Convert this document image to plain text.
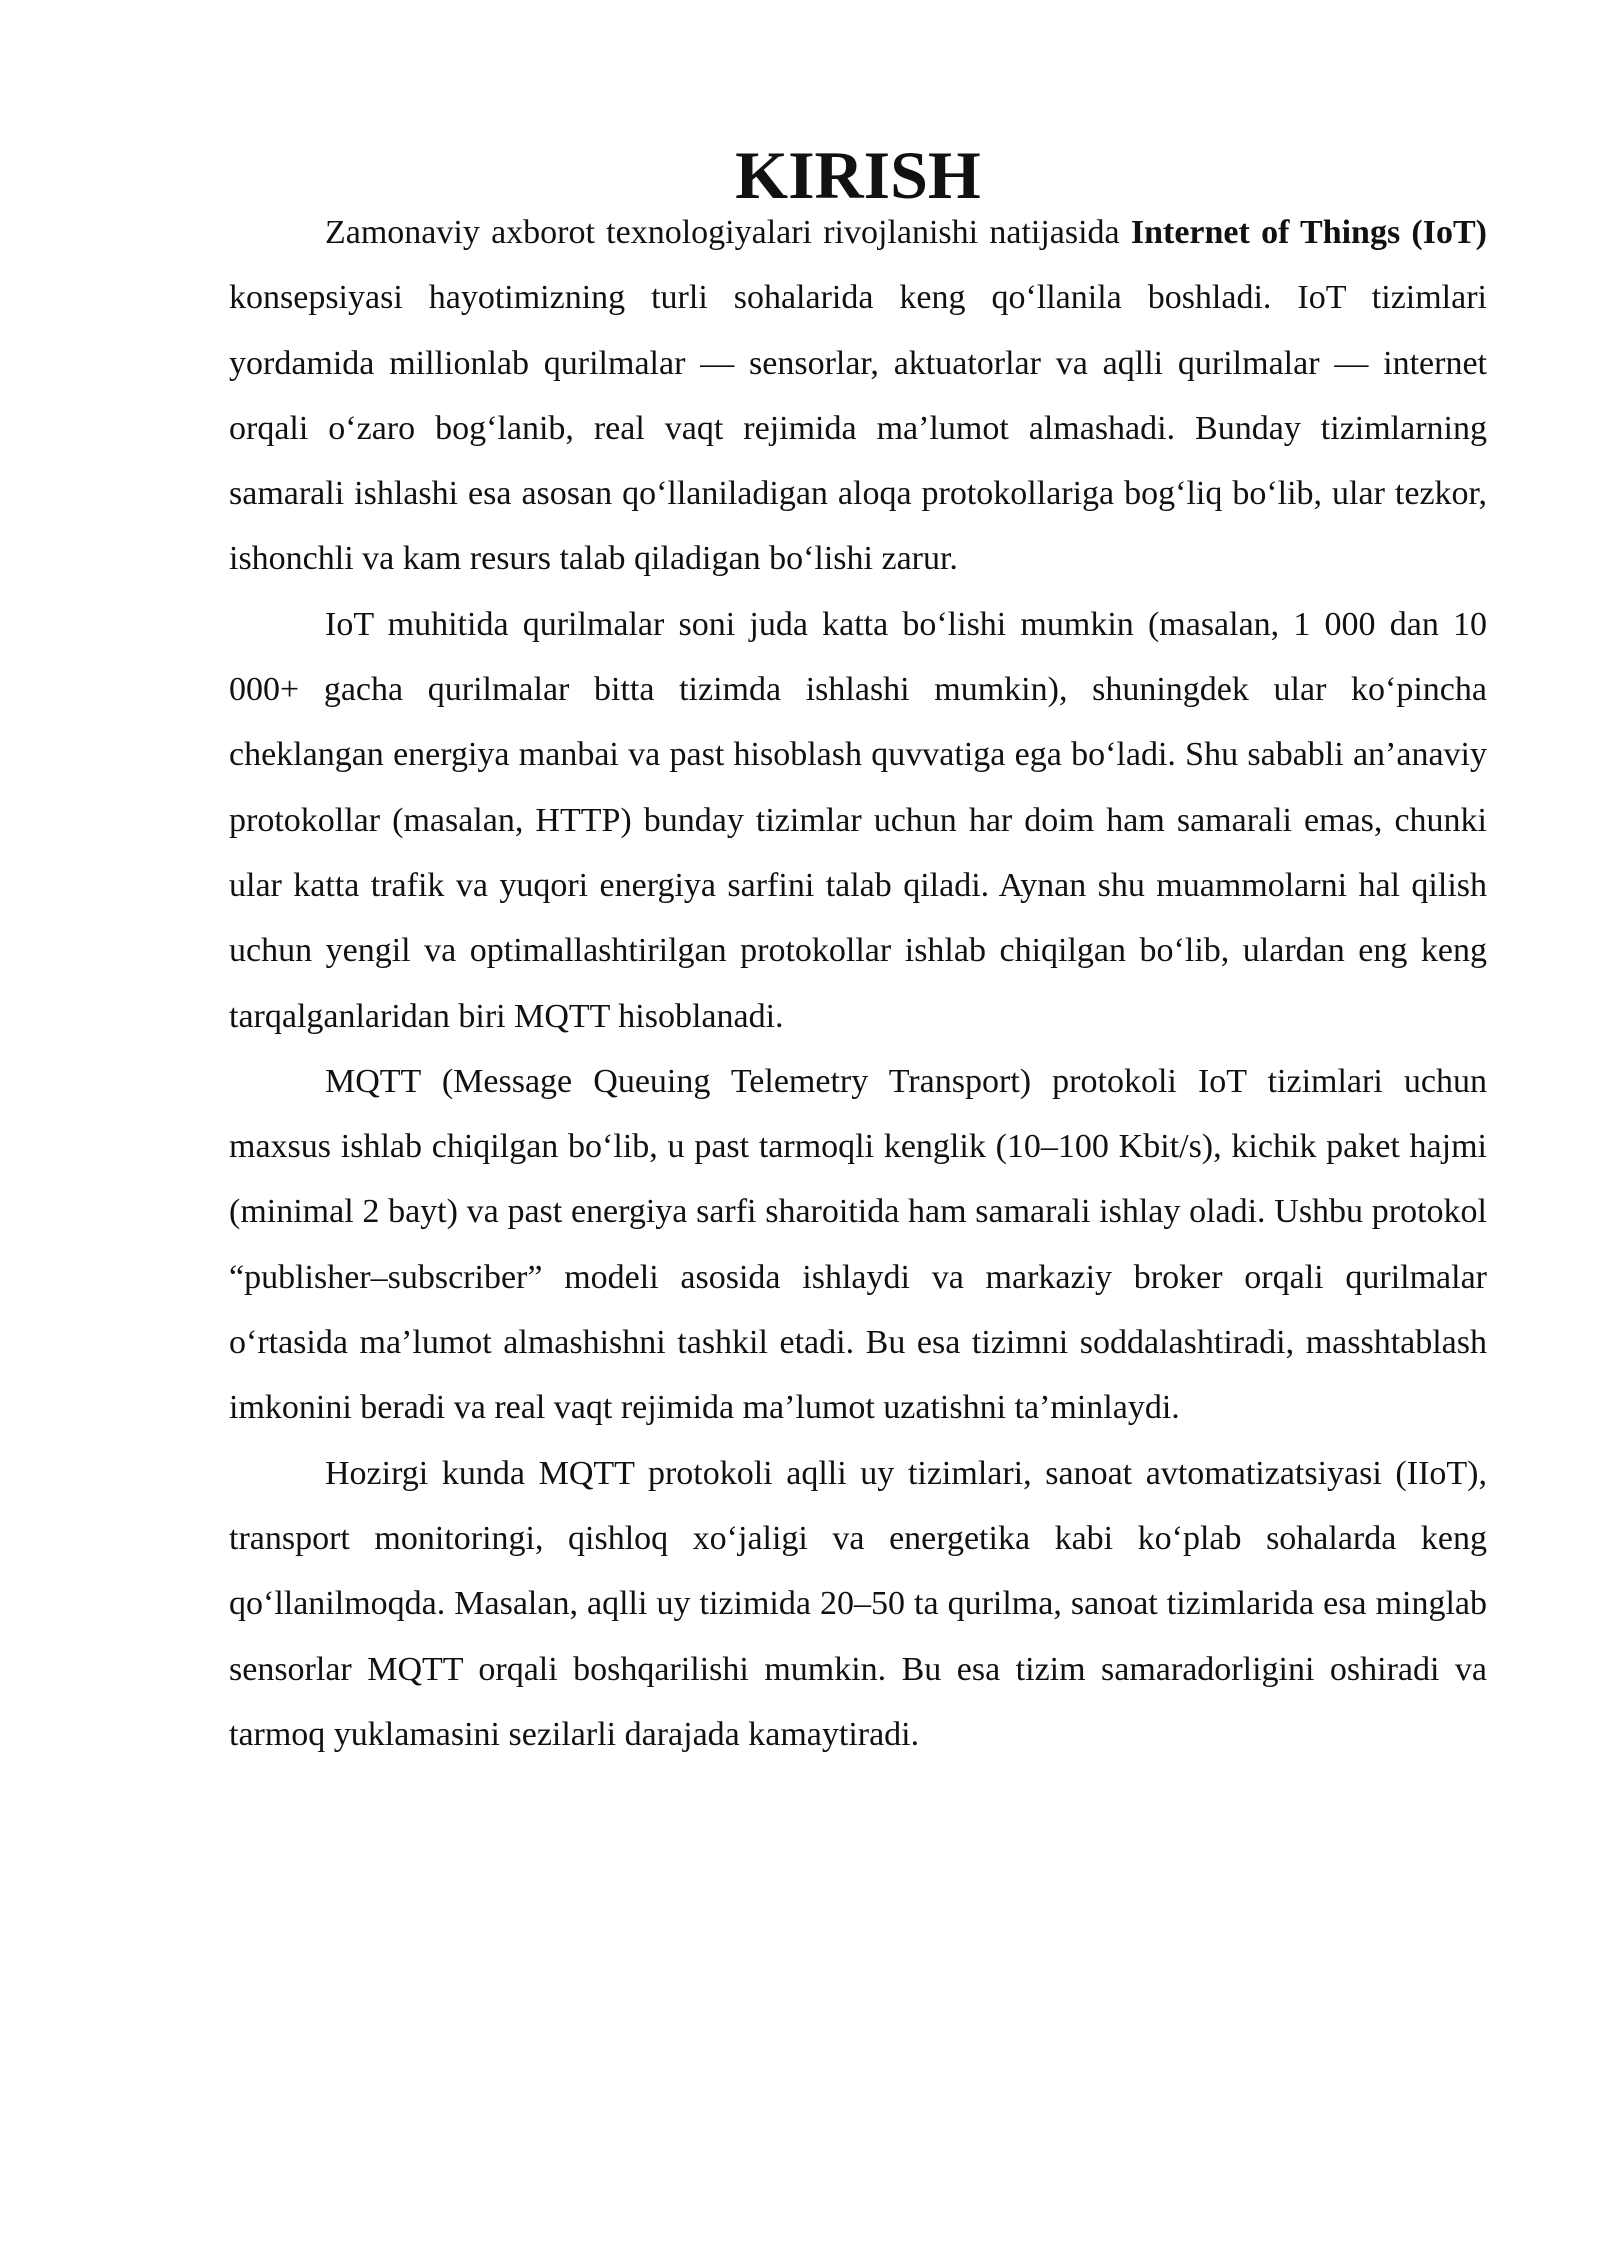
KIRISH

Zamonaviy axborot texnologiyalari rivojlanishi natijasida Internet of Things (IoT) konsepsiyasi hayotimizning turli sohalarida keng qo‘llanila boshladi. IoT tizimlari yordamida millionlab qurilmalar — sensorlar, aktuatorlar va aqlli qurilmalar — internet orqali o‘zaro bog‘lanib, real vaqt rejimida ma’lumot almashadi. Bunday tizimlarning samarali ishlashi esa asosan qo‘llaniladigan aloqa protokollariga bog‘liq bo‘lib, ular tezkor, ishonchli va kam resurs talab qiladigan bo‘lishi zarur.

IoT muhitida qurilmalar soni juda katta bo‘lishi mumkin (masalan, 1 000 dan 10 000+ gacha qurilmalar bitta tizimda ishlashi mumkin), shuningdek ular ko‘pincha cheklangan energiya manbai va past hisoblash quvvatiga ega bo‘ladi. Shu sababli an’anaviy protokollar (masalan, HTTP) bunday tizimlar uchun har doim ham samarali emas, chunki ular katta trafik va yuqori energiya sarfini talab qiladi. Aynan shu muammolarni hal qilish uchun yengil va optimallashtirilgan protokollar ishlab chiqilgan bo‘lib, ulardan eng keng tarqalganlaridan biri MQTT hisoblanadi.

MQTT (Message Queuing Telemetry Transport) protokoli IoT tizimlari uchun maxsus ishlab chiqilgan bo‘lib, u past tarmoqli kenglik (10–100 Kbit/s), kichik paket hajmi (minimal 2 bayt) va past energiya sarfi sharoitida ham samarali ishlay oladi. Ushbu protokol “publisher–subscriber” modeli asosida ishlaydi va markaziy broker orqali qurilmalar o‘rtasida ma’lumot almashishni tashkil etadi. Bu esa tizimni soddalashtiradi, masshtablash imkonini beradi va real vaqt rejimida ma’lumot uzatishni ta’minlaydi.

Hozirgi kunda MQTT protokoli aqlli uy tizimlari, sanoat avtomatizatsiyasi (IIoT), transport monitoringi, qishloq xo‘jaligi va energetika kabi ko‘plab sohalarda keng qo‘llanilmoqda. Masalan, aqlli uy tizimida 20–50 ta qurilma, sanoat tizimlarida esa minglab sensorlar MQTT orqali boshqarilishi mumkin. Bu esa tizim samaradorligini oshiradi va tarmoq yuklamasini sezilarli darajada kamaytiradi.
